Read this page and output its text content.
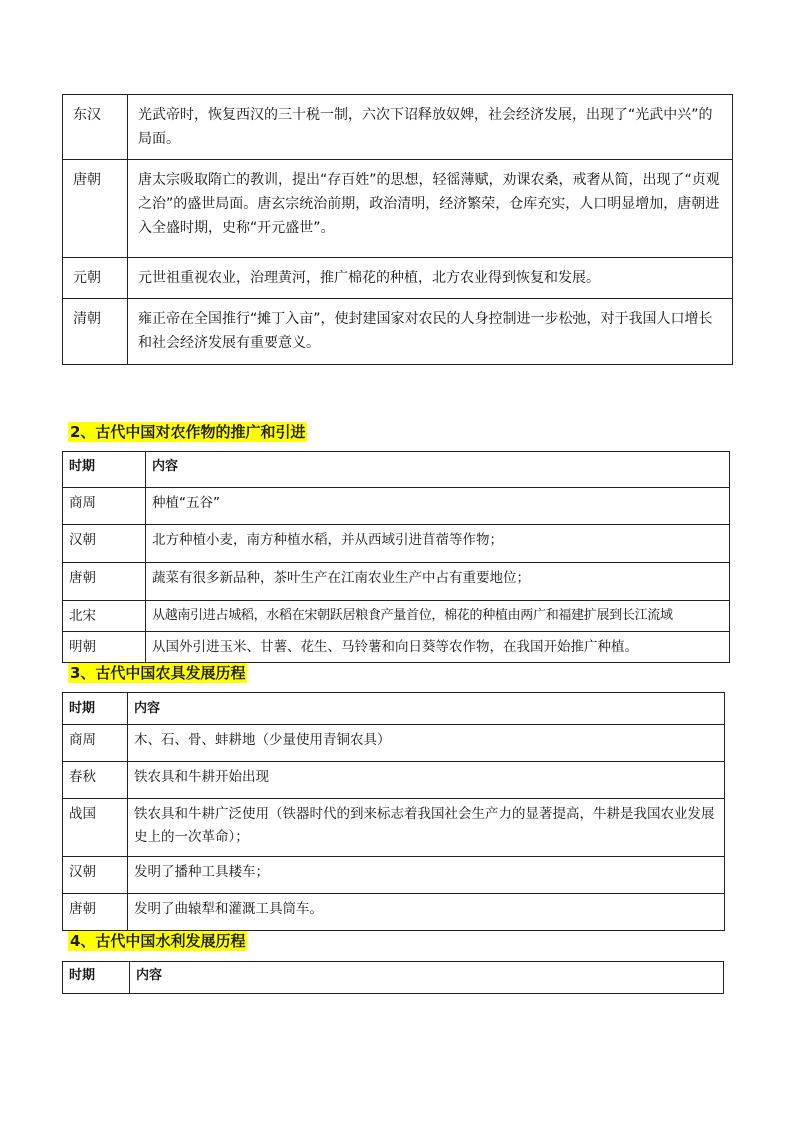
东汉	光武帝时，恢复西汉的三十税一制，六次下诏释放奴婢，社会经济发展，出现了“光武中兴”的局面。
唐朝	唐太宗吸取隋亡的教训，提出“存百姓”的思想，轻徭薄赋，劝课农桑，戒奢从简，出现了“贞观之治”的盛世局面。唐玄宗统治前期，政治清明，经济繁荣，仓库充实，人口明显增加，唐朝进入全盛时期，史称“开元盛世”。
元朝	元世祖重视农业，治理黄河，推广棉花的种植，北方农业得到恢复和发展。
清朝	雍正帝在全国推行“摊丁入亩”，使封建国家对农民的人身控制进一步松弛，对于我国人口增长和社会经济发展有重要意义。
2、古代中国对农作物的推广和引进
时期	内容
商周	种植“五谷”
汉朝	北方种植小麦，南方种植水稻，并从西域引进苜蓿等作物；
唐朝	蔬菜有很多新品种，茶叶生产在江南农业生产中占有重要地位；
北宋	从越南引进占城稻，水稻在宋朝跃居粮食产量首位，棉花的种植由两广和福建扩展到长江流域
明朝	从国外引进玉米、甘薯、花生、马铃薯和向日葵等农作物，在我国开始推广种植。
3、古代中国农具发展历程
时期	内容
商周	木、石、骨、蚌耕地（少量使用青铜农具）
春秋	铁农具和牛耕开始出现
战国	铁农具和牛耕广泛使用（铁器时代的到来标志着我国社会生产力的显著提高，牛耕是我国农业发展史上的一次革命）；
汉朝	发明了播种工具耧车；
唐朝	发明了曲辕犁和灌溉工具筒车。
4、古代中国水利发展历程
时期	内容
